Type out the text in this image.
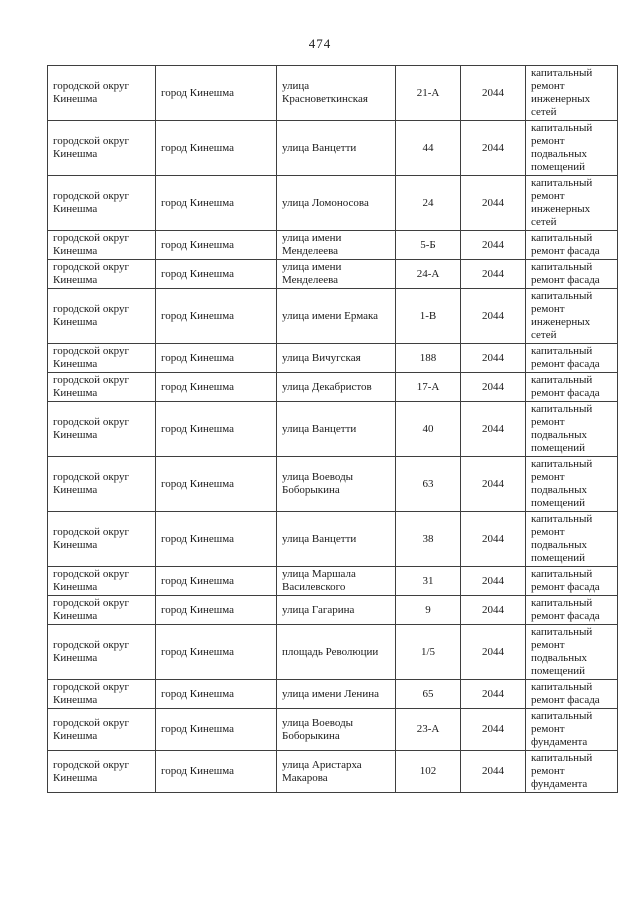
474
городской округ Кинешма	город Кинешма	улица Красноветкинская	21-А	2044	капитальный ремонт инженерных сетей
городской округ Кинешма	город Кинешма	улица Ванцетти	44	2044	капитальный ремонт подвальных помещений
городской округ Кинешма	город Кинешма	улица Ломоносова	24	2044	капитальный ремонт инженерных сетей
городской округ Кинешма	город Кинешма	улица имени Менделеева	5-Б	2044	капитальный ремонт фасада
городской округ Кинешма	город Кинешма	улица имени Менделеева	24-А	2044	капитальный ремонт фасада
городской округ Кинешма	город Кинешма	улица имени Ермака	1-В	2044	капитальный ремонт инженерных сетей
городской округ Кинешма	город Кинешма	улица Вичугская	188	2044	капитальный ремонт фасада
городской округ Кинешма	город Кинешма	улица Декабристов	17-А	2044	капитальный ремонт фасада
городской округ Кинешма	город Кинешма	улица Ванцетти	40	2044	капитальный ремонт подвальных помещений
городской округ Кинешма	город Кинешма	улица Воеводы Боборыкина	63	2044	капитальный ремонт подвальных помещений
городской округ Кинешма	город Кинешма	улица Ванцетти	38	2044	капитальный ремонт подвальных помещений
городской округ Кинешма	город Кинешма	улица Маршала Василевского	31	2044	капитальный ремонт фасада
городской округ Кинешма	город Кинешма	улица Гагарина	9	2044	капитальный ремонт фасада
городской округ Кинешма	город Кинешма	площадь Революции	1/5	2044	капитальный ремонт подвальных помещений
городской округ Кинешма	город Кинешма	улица имени Ленина	65	2044	капитальный ремонт фасада
городской округ Кинешма	город Кинешма	улица Воеводы Боборыкина	23-А	2044	капитальный ремонт фундамента
городской округ Кинешма	город Кинешма	улица Аристарха Макарова	102	2044	капитальный ремонт фундамента
